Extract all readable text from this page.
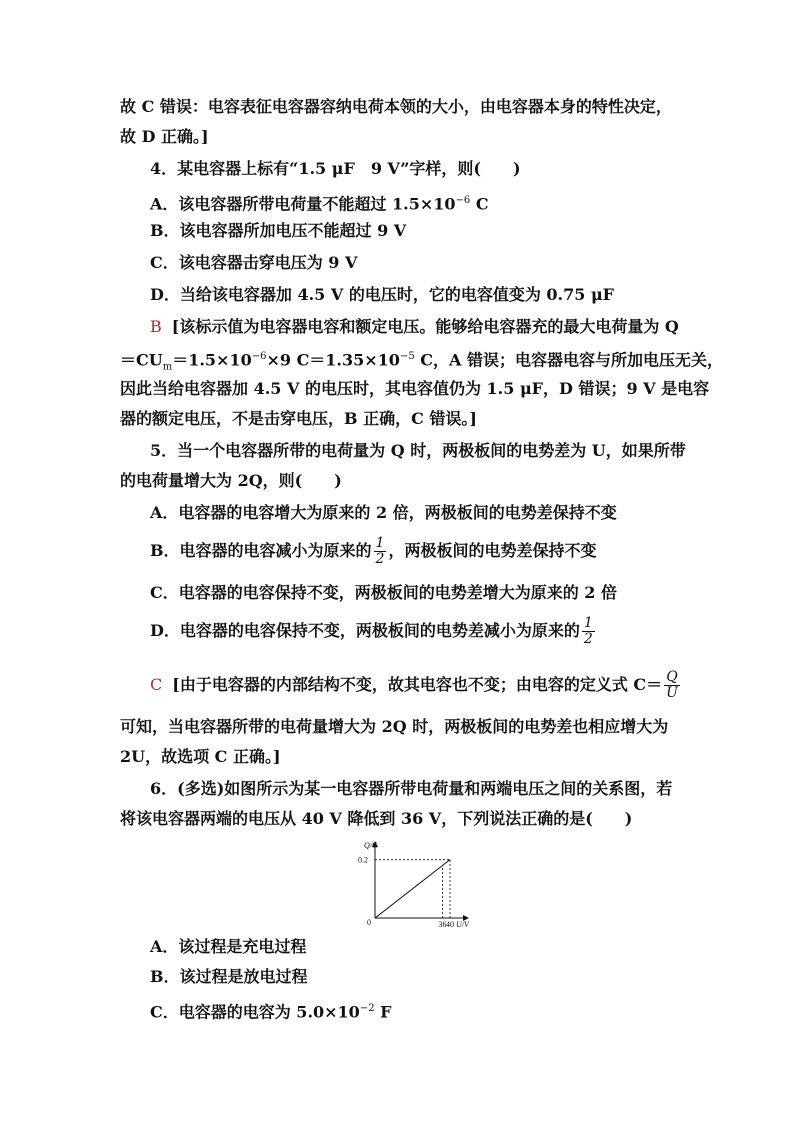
故 C 错误：电容表征电容器容纳电荷本领的大小，由电容器本身的特性决定，
故 D 正确。]
4．某电容器上标有“1.5 μF　9 V”字样，则(　　)
A．该电容器所带电荷量不能超过 $1.5\times 10^{-6}$ C
B．该电容器所加电压不能超过 9 V
C．该电容器击穿电压为 9 V
D．当给该电容器加 4.5 V 的电压时，它的电容值变为 0.75 μF
B [该标示值为电容器电容和额定电压。能够给电容器充的最大电荷量为 Q
$=CU_m=1.5\times 10^{-6}\times 9$ $C=1.35\times 10^{-5}$ C，A 错误；电容器电容与所加电压无关，
因此当给电容器加 4.5 V 的电压时，其电容值仍为 1.5 μF，D 错误；9 V 是电容
器的额定电压，不是击穿电压，B 正确，C 错误。]
5．当一个电容器所带的电荷量为 Q 时，两极板间的电势差为 U，如果所带
的电荷量增大为 2Q，则(　　)
A．电容器的电容增大为原来的 2 倍，两极板间的电势差保持不变
B．电容器的电容减小为原来的 $\frac{1}{2}$ ，两极板间的电势差保持不变
C．电容器的电容保持不变，两极板间的电势差增大为原来的 2 倍
D．电容器的电容保持不变，两极板间的电势差减小为原来的 $\frac{1}{2}$
C [由于电容器的内部结构不变，故其电容也不变；由电容的定义式 $C= \frac{Q}{U}$
可知，当电容器所带的电荷量增大为 2Q 时，两极板间的电势差也相应增大为
2U，故选项 C 正确。]
6．(多选)如图所示为某一电容器所带电荷量和两端电压之间的关系图，若
将该电容器两端的电压从 40 V 降低到 36 V，下列说法正确的是(　　)
Q/C
0.2
0	36 40 U/V
A．该过程是充电过程
B．该过程是放电过程
C．电容器的电容为 $5.0\times 10^{-2}$ F
